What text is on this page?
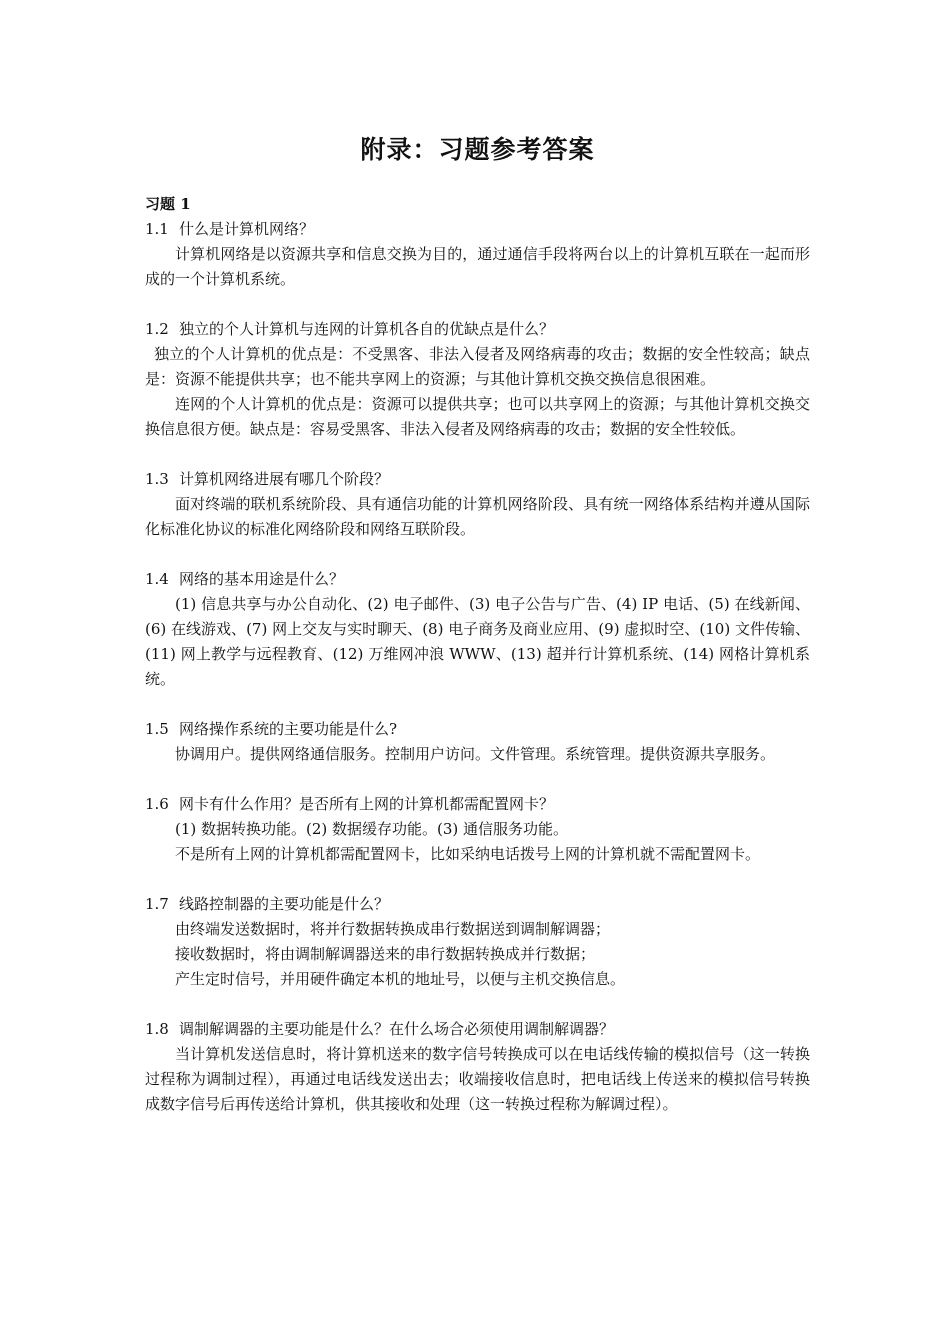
附录：习题参考答案

习题 1

1.1 什么是计算机网络？

计算机网络是以资源共享和信息交换为目的，通过通信手段将两台以上的计算机互联在一起而形成的一个计算机系统。

1.2 独立的个人计算机与连网的计算机各自的优缺点是什么？

独立的个人计算机的优点是：不受黑客、非法入侵者及网络病毒的攻击；数据的安全性较高；缺点是：资源不能提供共享；也不能共享网上的资源；与其他计算机交换交换信息很困难。

连网的个人计算机的优点是：资源可以提供共享；也可以共享网上的资源；与其他计算机交换交换信息很方便。缺点是：容易受黑客、非法入侵者及网络病毒的攻击；数据的安全性较低。

1.3 计算机网络进展有哪几个阶段？

面对终端的联机系统阶段、具有通信功能的计算机网络阶段、具有统一网络体系结构并遵从国际化标准化协议的标准化网络阶段和网络互联阶段。

1.4 网络的基本用途是什么？

(1) 信息共享与办公自动化、(2) 电子邮件、(3) 电子公告与广告、(4) IP 电话、(5) 在线新闻、(6) 在线游戏、(7) 网上交友与实时聊天、(8) 电子商务及商业应用、(9) 虚拟时空、(10) 文件传输、(11) 网上教学与远程教育、(12) 万维网冲浪 WWW、(13) 超并行计算机系统、(14) 网格计算机系统。

1.5 网络操作系统的主要功能是什么?

协调用户。提供网络通信服务。控制用户访问。文件管理。系统管理。提供资源共享服务。

1.6 网卡有什么作用？是否所有上网的计算机都需配置网卡？

(1) 数据转换功能。(2) 数据缓存功能。(3) 通信服务功能。

不是所有上网的计算机都需配置网卡，比如采纳电话拨号上网的计算机就不需配置网卡。

1.7 线路控制器的主要功能是什么？

由终端发送数据时，将并行数据转换成串行数据送到调制解调器；

接收数据时，将由调制解调器送来的串行数据转换成并行数据；

产生定时信号，并用硬件确定本机的地址号，以便与主机交换信息。

1.8 调制解调器的主要功能是什么？在什么场合必须使用调制解调器？

当计算机发送信息时，将计算机送来的数字信号转换成可以在电话线传输的模拟信号（这一转换过程称为调制过程），再通过电话线发送出去；收端接收信息时，把电话线上传送来的模拟信号转换成数字信号后再传送给计算机，供其接收和处理（这一转换过程称为解调过程）。
